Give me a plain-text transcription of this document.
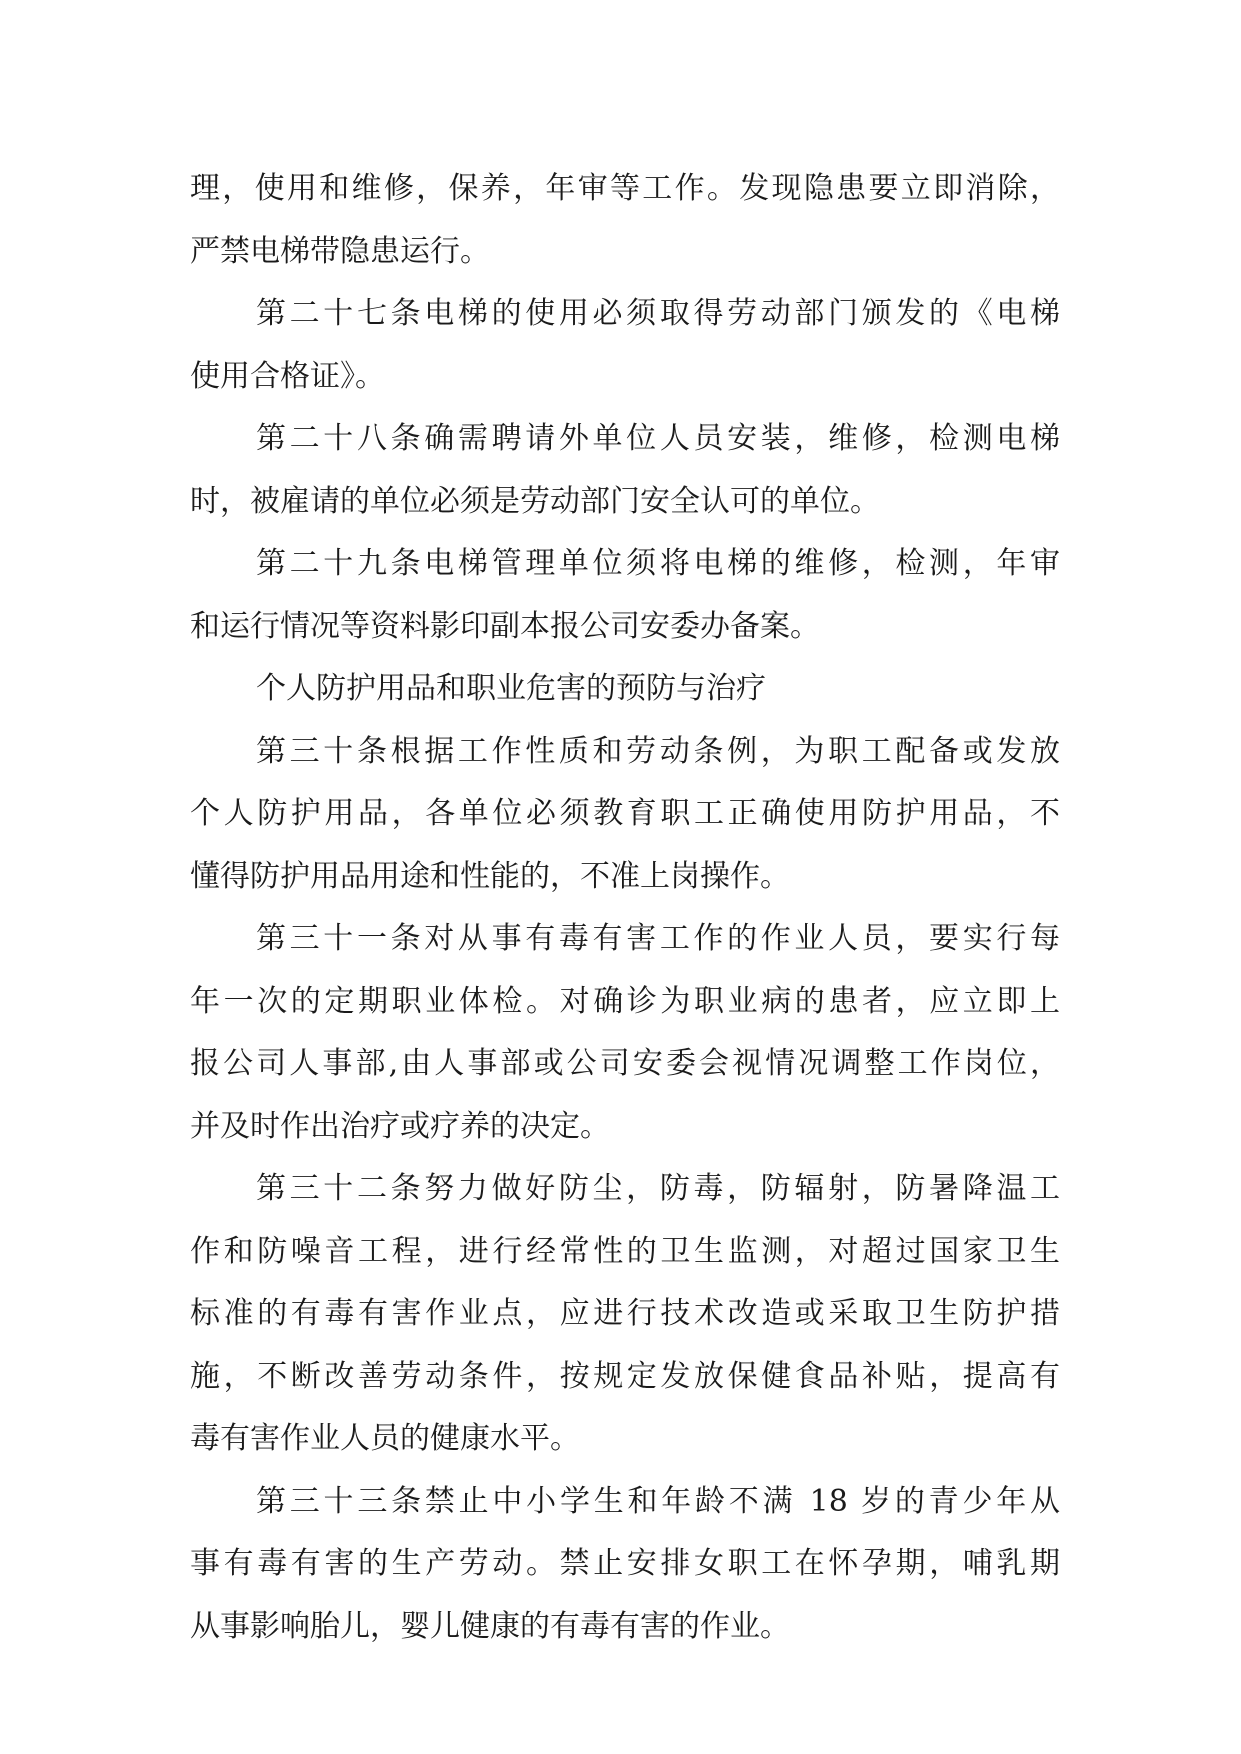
理，使用和维修，保养，年审等工作。发现隐患要立即消除，

严禁电梯带隐患运行。

第二十七条电梯的使用必须取得劳动部门颁发的《电梯

使用合格证》。

第二十八条确需聘请外单位人员安装，维修，检测电梯

时，被雇请的单位必须是劳动部门安全认可的单位。

第二十九条电梯管理单位须将电梯的维修，检测，年审

和运行情况等资料影印副本报公司安委办备案。

个人防护用品和职业危害的预防与治疗

第三十条根据工作性质和劳动条例，为职工配备或发放

个人防护用品，各单位必须教育职工正确使用防护用品，不

懂得防护用品用途和性能的，不准上岗操作。

第三十一条对从事有毒有害工作的作业人员，要实行每

年一次的定期职业体检。对确诊为职业病的患者，应立即上

报公司人事部,由人事部或公司安委会视情况调整工作岗位，

并及时作出治疗或疗养的决定。

第三十二条努力做好防尘，防毒，防辐射，防暑降温工

作和防噪音工程，进行经常性的卫生监测，对超过国家卫生

标准的有毒有害作业点，应进行技术改造或采取卫生防护措

施，不断改善劳动条件，按规定发放保健食品补贴，提高有

毒有害作业人员的健康水平。

第三十三条禁止中小学生和年龄不满 18 岁的青少年从

事有毒有害的生产劳动。禁止安排女职工在怀孕期，哺乳期

从事影响胎儿，婴儿健康的有毒有害的作业。
